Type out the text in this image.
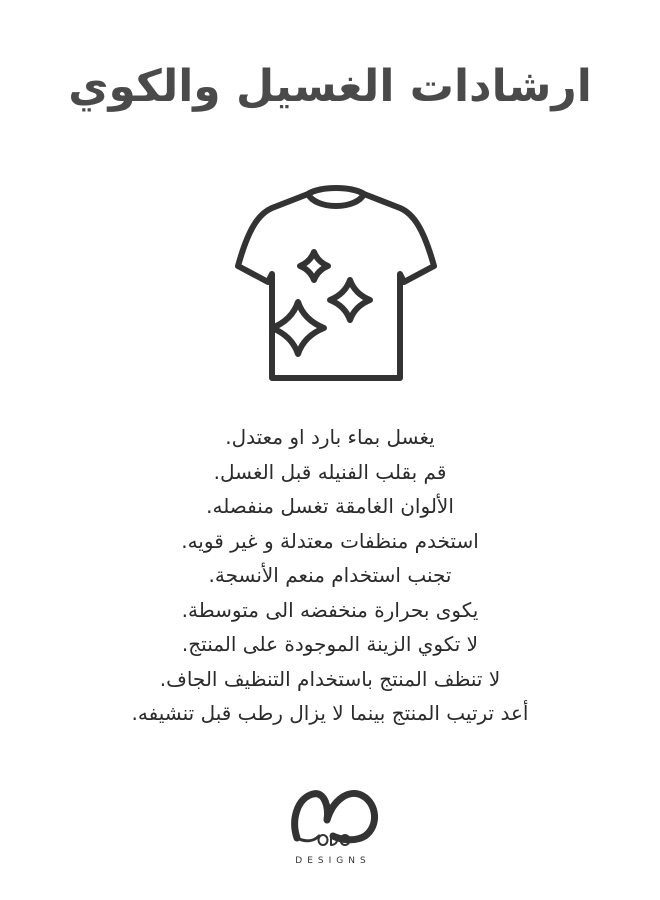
ارشادات الغسيل والكوي
يغسل بماء بارد او معتدل.
قم بقلب الفنيله قبل الغسل.
الألوان الغامقة تغسل منفصله.
استخدم منظفات معتدلة و غير قويه.
تجنب استخدام منعم الأنسجة.
يكوى بحرارة منخفضه الى متوسطة.
لا تكوي الزينة الموجودة على المنتج.
لا تنظف المنتج باستخدام التنظيف الجاف.
أعد ترتيب المنتج بينما لا يزال رطب قبل تنشيفه.
DESIGNS
